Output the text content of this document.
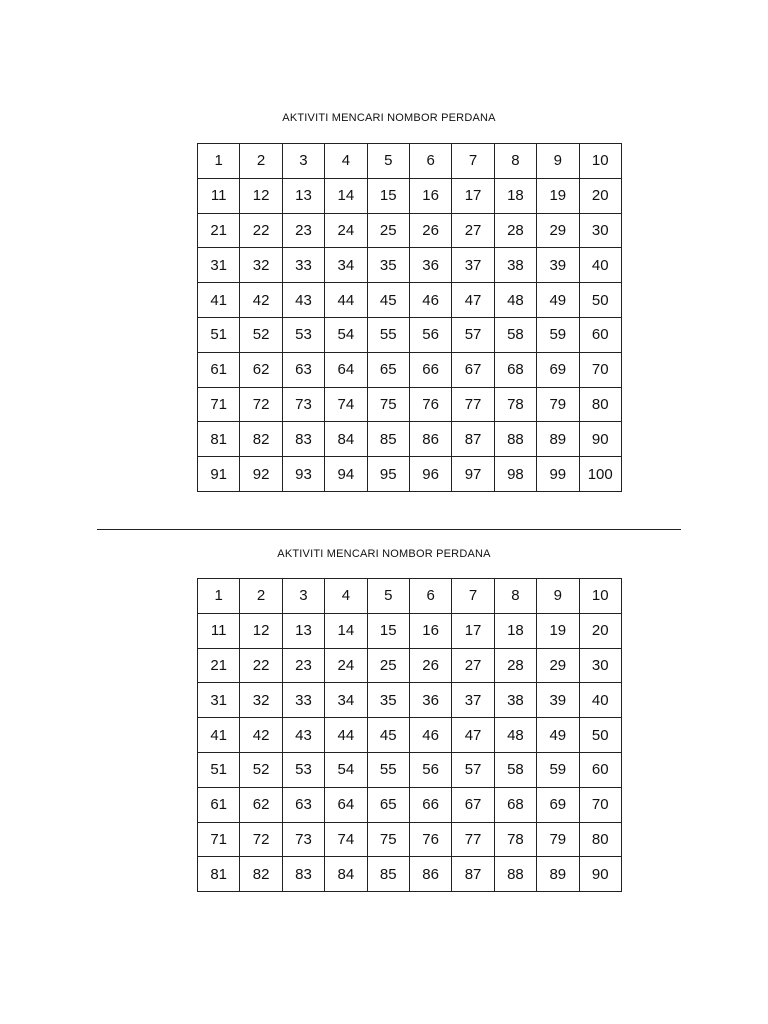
AKTIVITI MENCARI NOMBOR PERDANA
1	2	3	4	5	6	7	8	9	10
11	12	13	14	15	16	17	18	19	20
21	22	23	24	25	26	27	28	29	30
31	32	33	34	35	36	37	38	39	40
41	42	43	44	45	46	47	48	49	50
51	52	53	54	55	56	57	58	59	60
61	62	63	64	65	66	67	68	69	70
71	72	73	74	75	76	77	78	79	80
81	82	83	84	85	86	87	88	89	90
91	92	93	94	95	96	97	98	99	100
AKTIVITI MENCARI NOMBOR PERDANA
1	2	3	4	5	6	7	8	9	10
11	12	13	14	15	16	17	18	19	20
21	22	23	24	25	26	27	28	29	30
31	32	33	34	35	36	37	38	39	40
41	42	43	44	45	46	47	48	49	50
51	52	53	54	55	56	57	58	59	60
61	62	63	64	65	66	67	68	69	70
71	72	73	74	75	76	77	78	79	80
81	82	83	84	85	86	87	88	89	90
